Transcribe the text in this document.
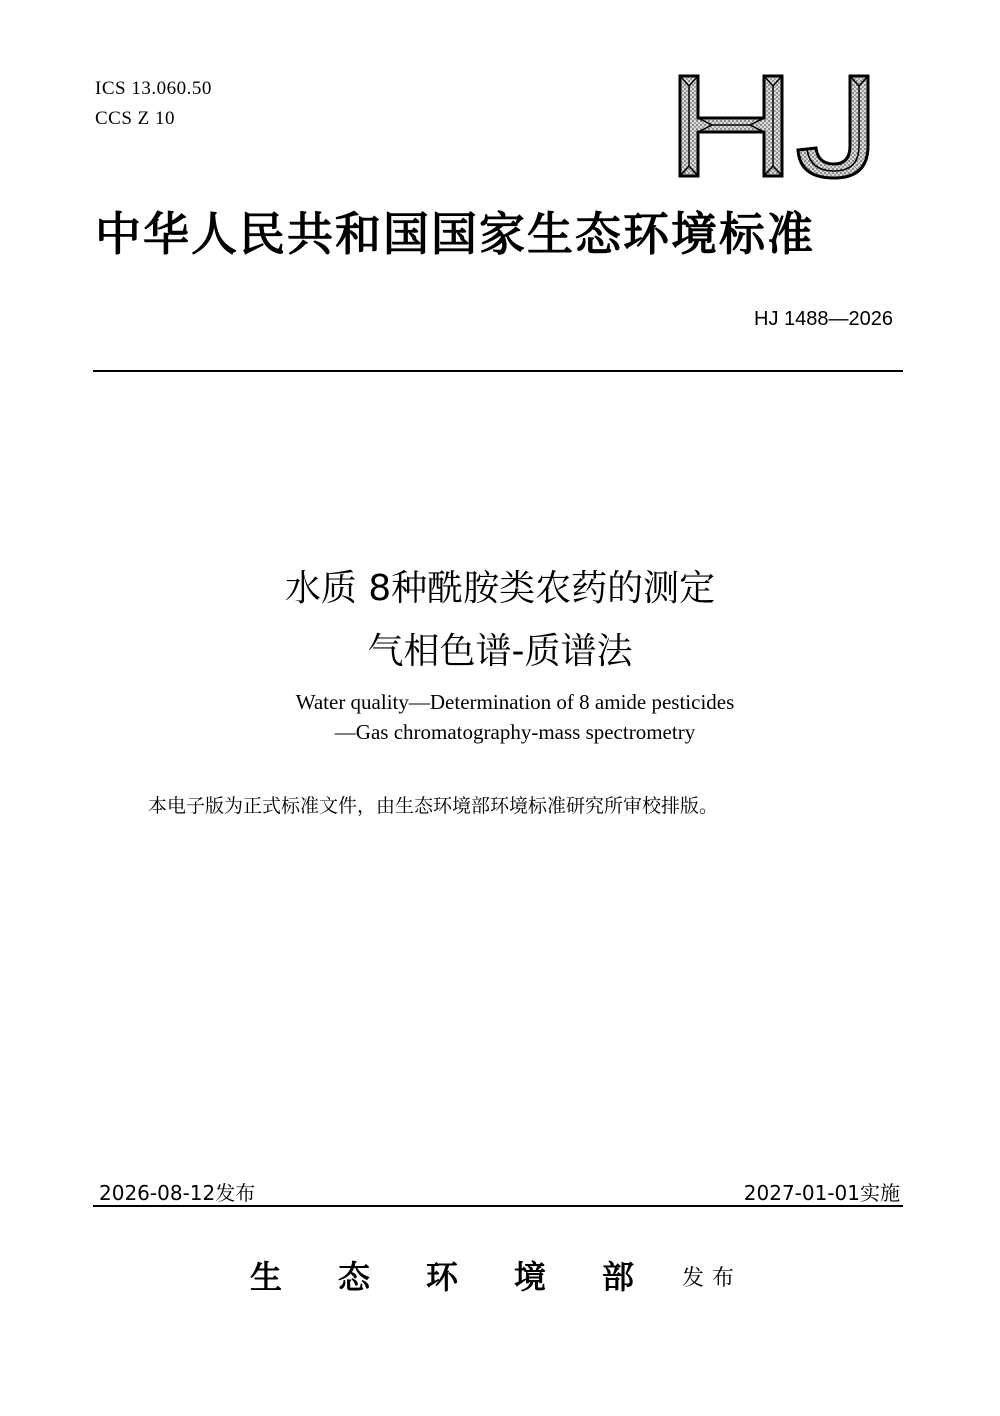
ICS 13.060.50
CCS Z 10
中华人民共和国国家生态环境标准
HJ 1488—2026
水质 8种酰胺类农药的测定
气相色谱-质谱法
Water quality—Determination of 8 amide pesticides
—Gas chromatography-mass spectrometry
本电子版为正式标准文件，由生态环境部环境标准研究所审校排版。
2026-08-12发布	2027-01-01实施
生态环境部
发布
